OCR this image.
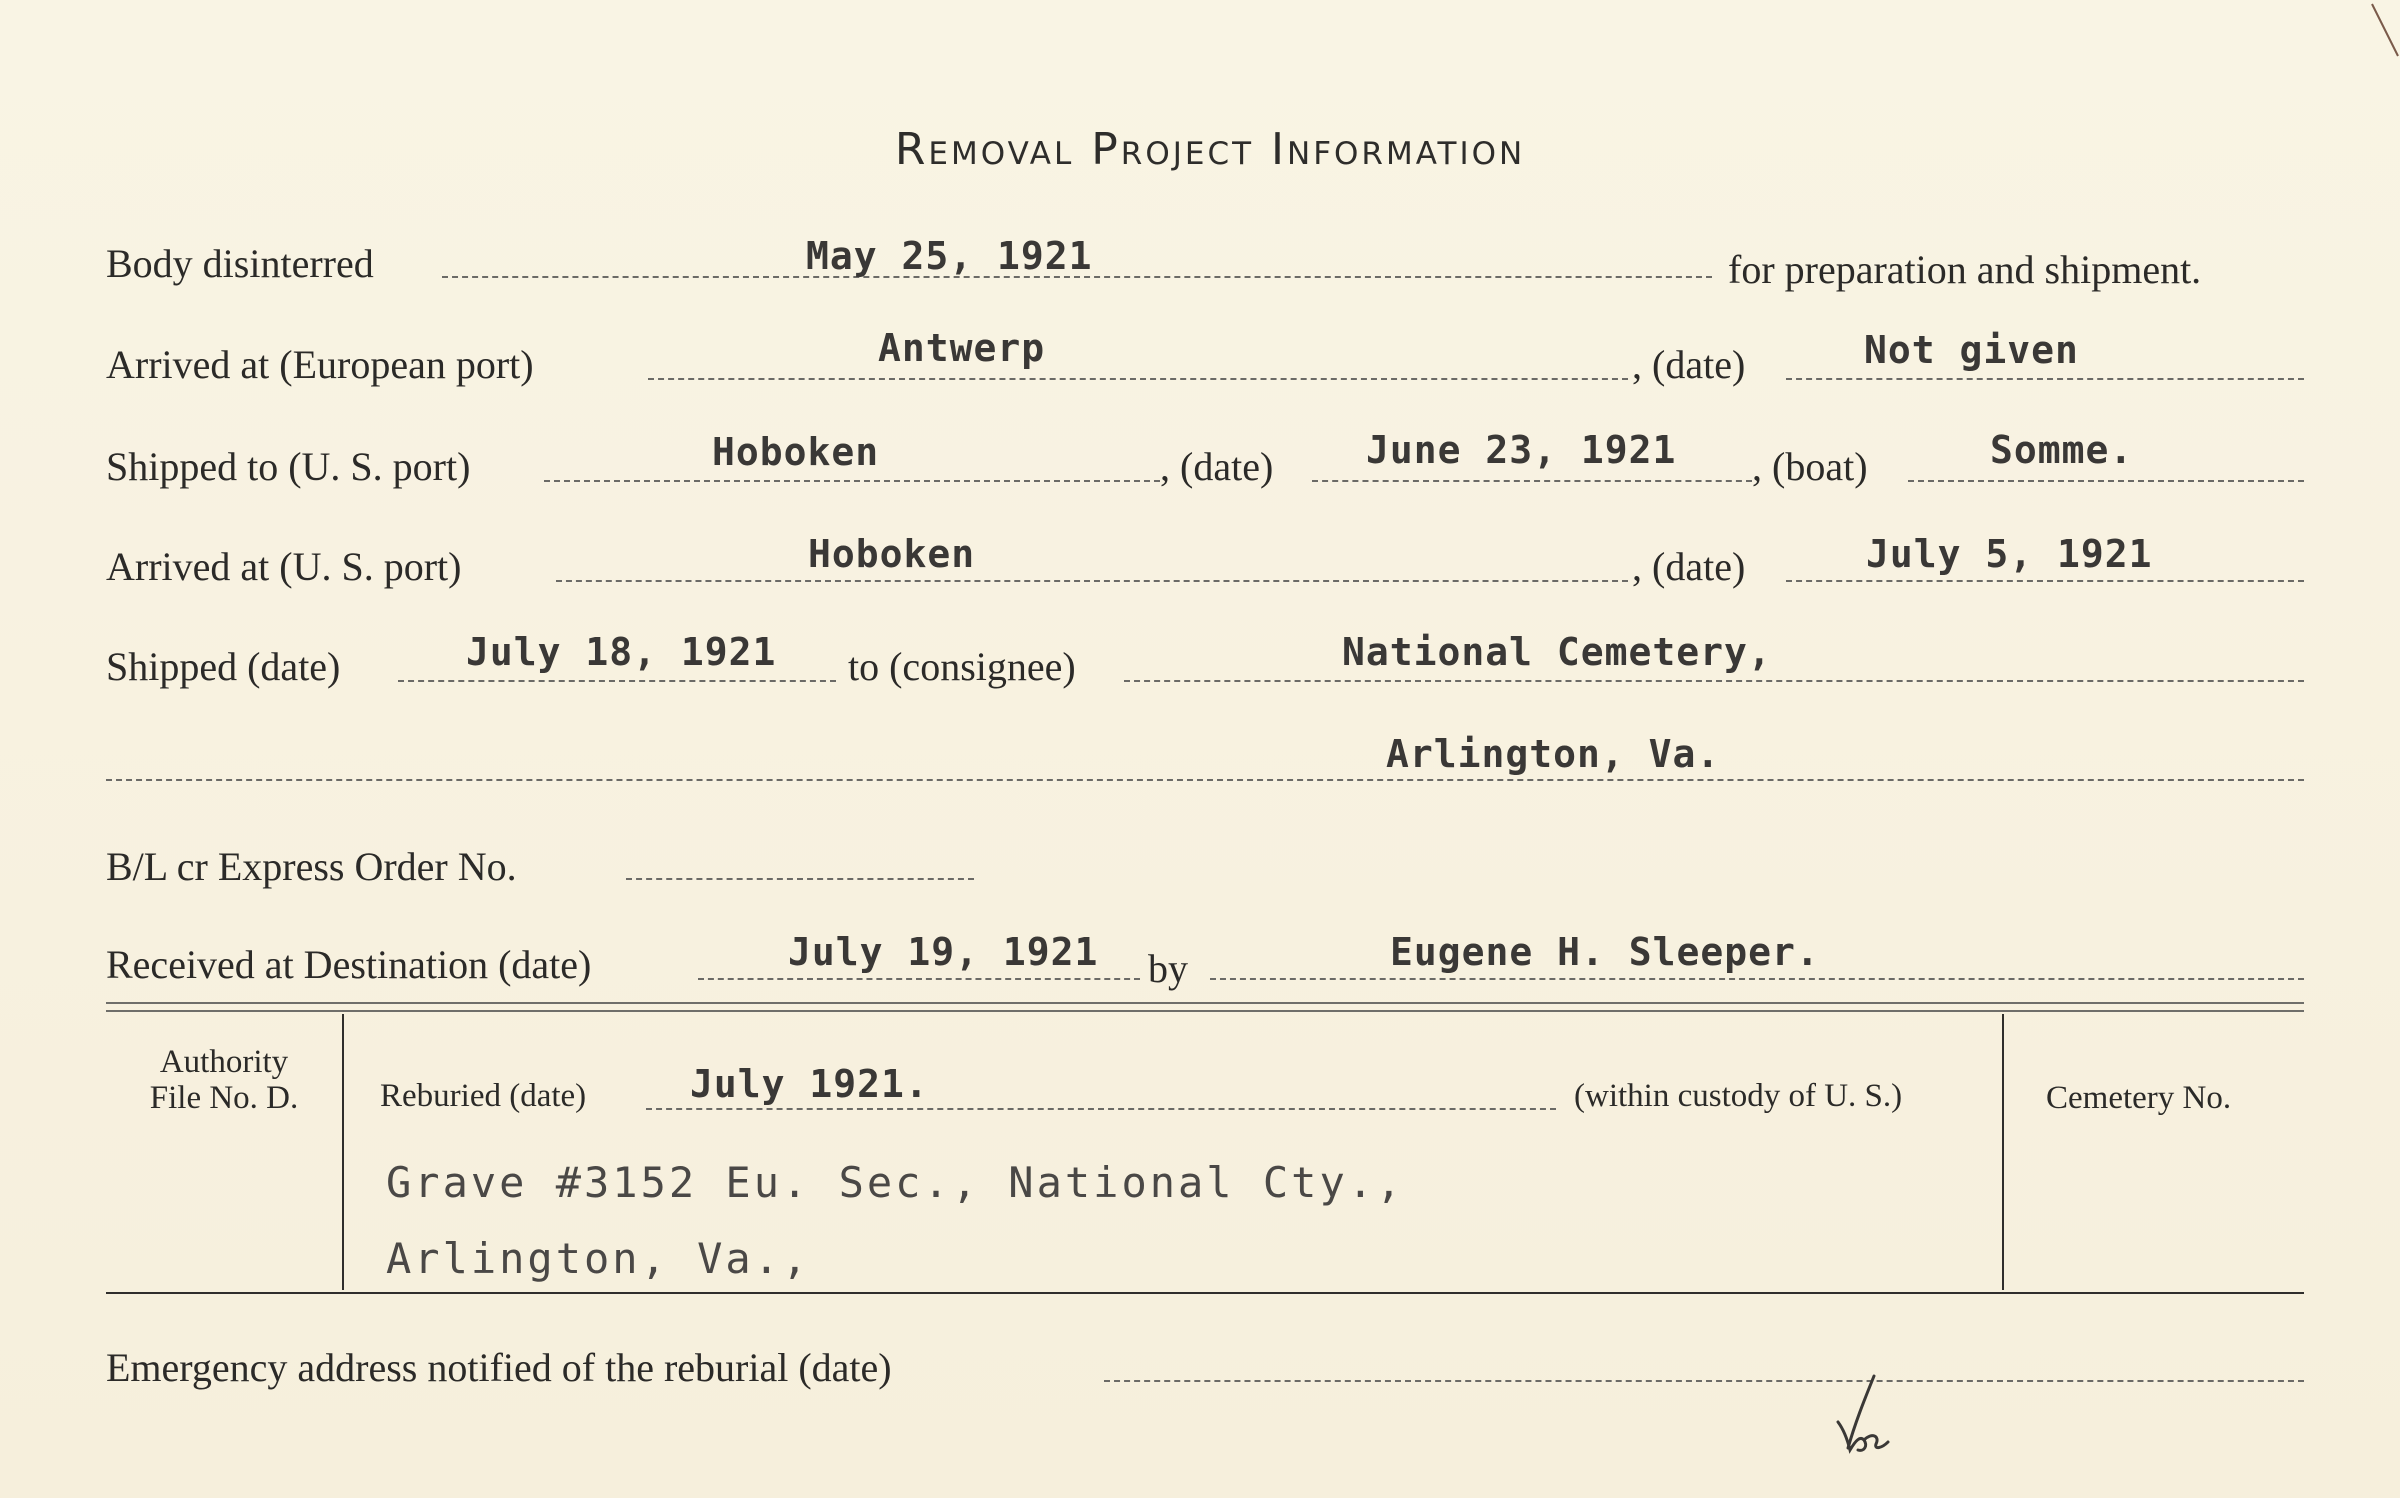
Removal Project Information
Body disinterred	May 25, 1921	for preparation and shipment.
Arrived at (European port)	Antwerp	, (date)	Not given
Shipped to (U. S. port)	Hoboken	, (date) June 23, 1921 , (boat)	Somme.
Arrived at (U. S. port)	Hoboken	, (date)	July 5, 1921
Shipped (date)	July 18, 1921 to (consignee)	National Cemetery,
Arlington, Va.
B/L cr Express Order No.
Received at Destination (date)	July 19, 1921 by	Eugene H. Sleeper.
Authority
File No. D.	Reburied (date)	July 1921.	(within custody of U. S.)
Grave #3152 Eu. Sec., National Cty.,
Arlington, Va.,
Cemetery No.
Emergency address notified of the reburial (date)
